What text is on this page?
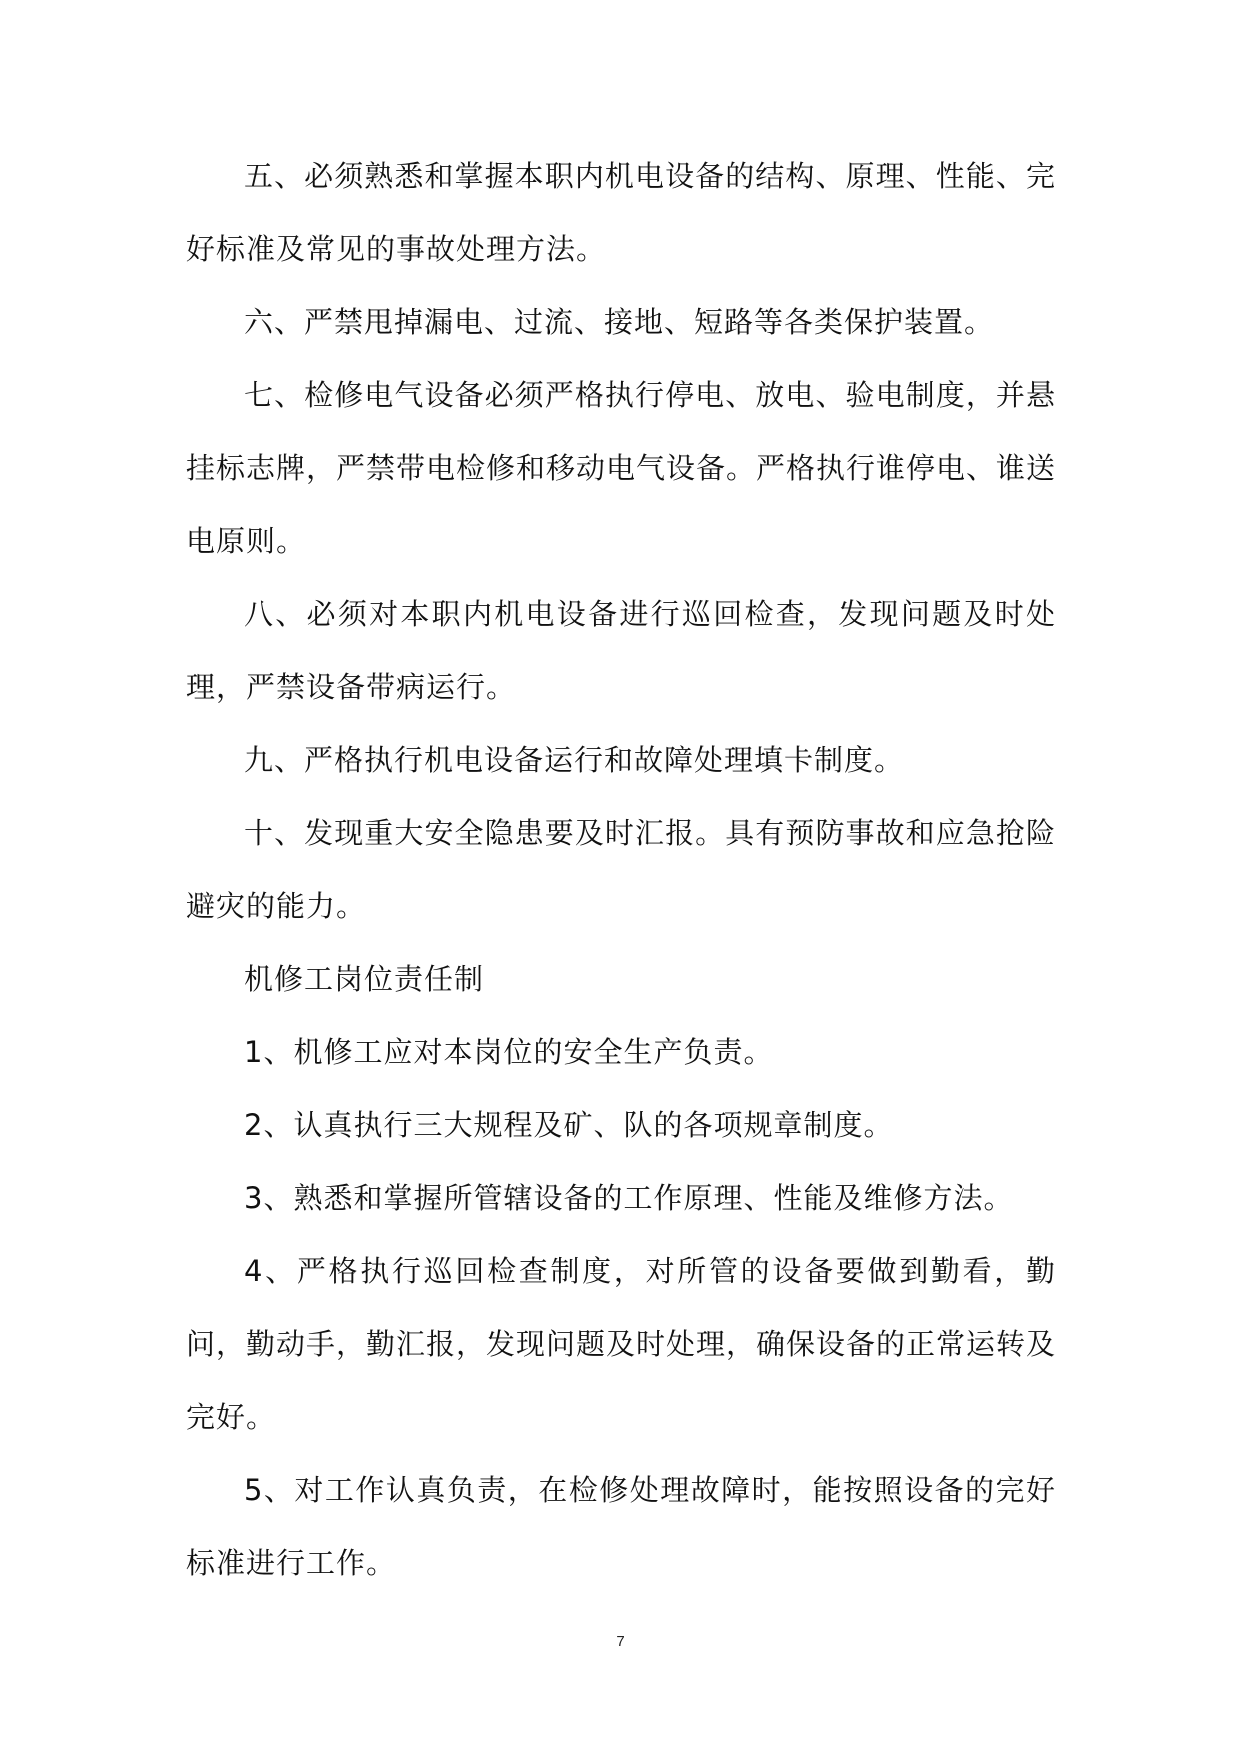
五、必须熟悉和掌握本职内机电设备的结构、原理、性能、完好标准及常见的事故处理方法。

六、严禁甩掉漏电、过流、接地、短路等各类保护装置。

七、检修电气设备必须严格执行停电、放电、验电制度，并悬挂标志牌，严禁带电检修和移动电气设备。严格执行谁停电、谁送电原则。

八、必须对本职内机电设备进行巡回检查，发现问题及时处理，严禁设备带病运行。

九、严格执行机电设备运行和故障处理填卡制度。

十、发现重大安全隐患要及时汇报。具有预防事故和应急抢险避灾的能力。

机修工岗位责任制

1、机修工应对本岗位的安全生产负责。

2、认真执行三大规程及矿、队的各项规章制度。

3、熟悉和掌握所管辖设备的工作原理、性能及维修方法。

4、严格执行巡回检查制度，对所管的设备要做到勤看，勤问，勤动手，勤汇报，发现问题及时处理，确保设备的正常运转及完好。

5、对工作认真负责，在检修处理故障时，能按照设备的完好标准进行工作。

7
